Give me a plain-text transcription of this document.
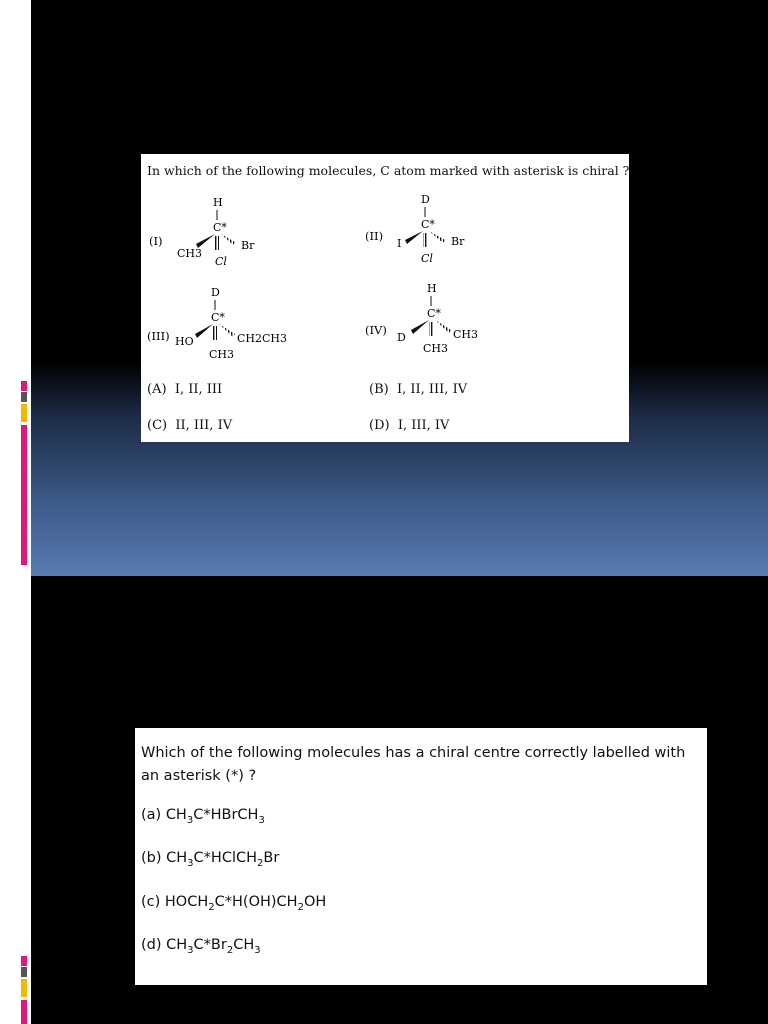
In which of the following molecules, C atom marked with asterisk is chiral ?
(I)
H
C*
CH3
Br
Cl
(II)
D
C*
I	Br
Cl
(III)
D
C*
HO	CH2CH3
CH3
(IV)
H
C*
D	CH3
CH3
(A) I, II, III	(B) I, II, III, IV
(C) II, III, IV	(D) I, III, IV
Which of the following molecules has a chiral centre correctly labelled with an asterisk (*) ?
(a) $CH_3C*HBrCH_3$
(b) $CH_3C*HClCH_2Br$
(c) $HOCH_2C*H(OH)CH_2OH$
(d) $CH_3C*Br_2CH_3$
